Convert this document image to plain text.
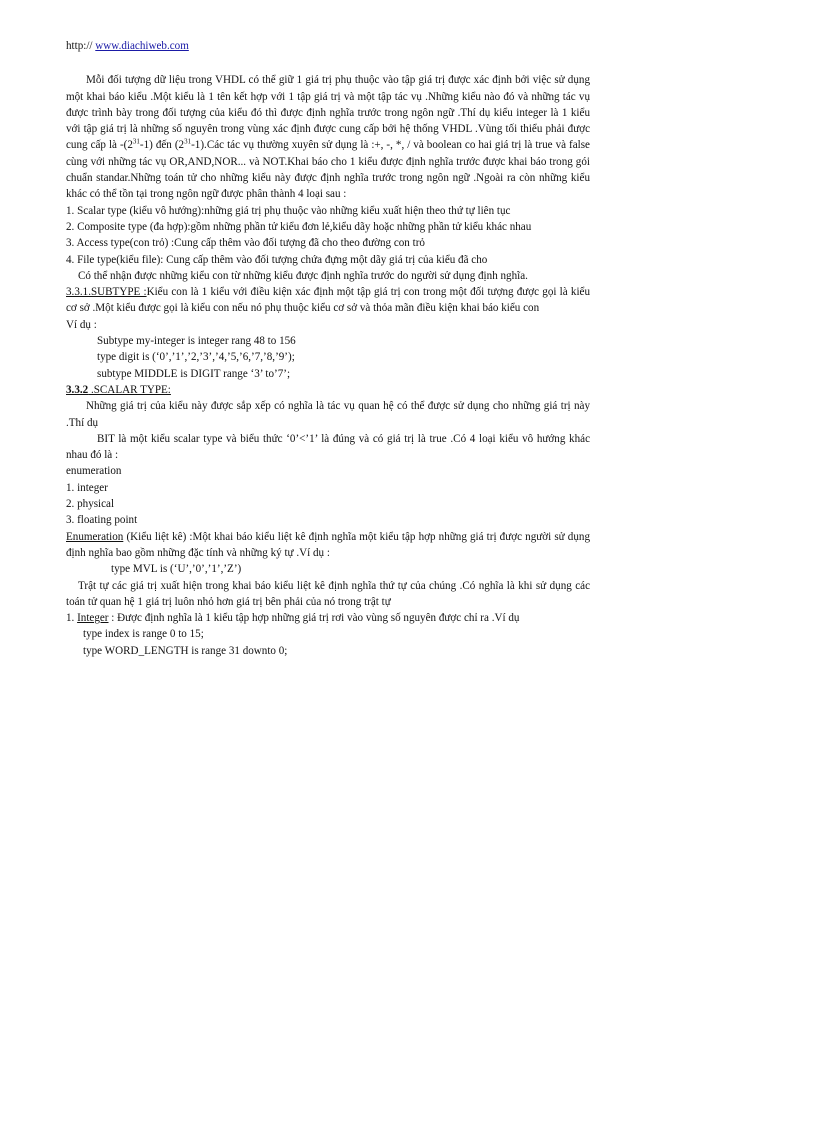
http:// www.diachiweb.com

Mỗi đối tượng dữ liệu trong VHDL có thể giữ 1 giá trị phụ thuộc vào tập giá trị được xác định bởi việc sử dụng một khai báo kiểu .Một kiểu là 1 tên kết hợp với 1 tập giá trị và một tập tác vụ .Những kiểu nào đó và những tác vụ được trình bày trong đối tượng của kiểu đó thì được định nghĩa trước trong ngôn ngữ .Thí dụ kiểu integer là 1 kiểu với tập giá trị là những số nguyên trong vùng xác định được cung cấp bởi hệ thống VHDL .Vùng tối thiểu phải được cung cấp là $-(2^{31}-1)$ đến $(2^{31}-1).Các$ tác vụ thường xuyên sử dụng là :+, -, *, / và boolean co hai giá trị là true và false cùng với những tác vụ OR,AND,NOR... và NOT.Khai báo cho 1 kiểu được định nghĩa trước được khai báo trong gói chuẩn standar.Những toán tử cho những kiểu này được định nghĩa trước trong ngôn ngữ .Ngoài ra còn những kiểu khác có thể tồn tại trong ngôn ngữ được phân thành 4 loại sau :

1. Scalar type (kiểu vô hướng):những giá trị phụ thuộc vào những kiểu xuất hiện theo thứ tự liên tục

2. Composite type (đa hợp):gồm những phần tử kiểu đơn lẻ,kiểu dãy hoặc những phần tử kiểu khác nhau

3. Access type(con trỏ) :Cung cấp thêm vào đối tượng đã cho theo đường con trỏ

4. File type(kiểu file): Cung cấp thêm vào đối tượng chứa đựng một dãy giá trị của kiểu đã cho

Có thể nhận được những kiểu con từ những kiểu được định nghĩa trước do người sử dụng định nghĩa.

3.3.1.SUBTYPE :Kiểu con là 1 kiểu với điều kiện xác định một tập giá trị con trong một đối tượng được gọi là kiểu cơ sở .Một kiểu được gọi là kiểu con nếu nó phụ thuộc kiểu cơ sở và thỏa mãn điều kiện khai báo kiểu con

Ví dụ :

Subtype my-integer is integer rang 48 to 156

type digit is (‘0’,’1’,’2,’3’,’4,’5,’6,’7,’8,’9’);

subtype MIDDLE is DIGIT range ‘3’ to’7’;

3.3.2 .SCALAR TYPE:

Những giá trị của kiểu này được sắp xếp có nghĩa là tác vụ quan hệ có thể được sử dụng cho những giá trị này .Thí dụ

BIT là một kiểu scalar type và biểu thức ‘0’<’1’ là đúng và có giá trị là true .Có 4 loại kiểu vô hướng khác nhau đó là :

enumeration

1. integer

2. physical

3. floating point

Enumeration (Kiểu liệt kê) :Một khai báo kiểu liệt kê định nghĩa một kiểu tập hợp những giá trị được người sử dụng định nghĩa bao gồm những đặc tính và những ký tự .Ví dụ :

type MVL is (‘U’,’0’,’1’,’Z’)

Trật tự các giá trị xuất hiện trong khai báo kiểu liệt kê định nghĩa thứ tự của chúng .Có nghĩa là khi sử dụng các toán tử quan hệ 1 giá trị luôn nhỏ hơn giá trị bên phải của nó trong trật tự

1. Integer : Được định nghĩa là 1 kiểu tập hợp những giá trị rơi vào vùng số nguyên được chỉ ra .Ví dụ

type index is range 0 to 15;

type WORD_LENGTH is range 31 downto 0;
